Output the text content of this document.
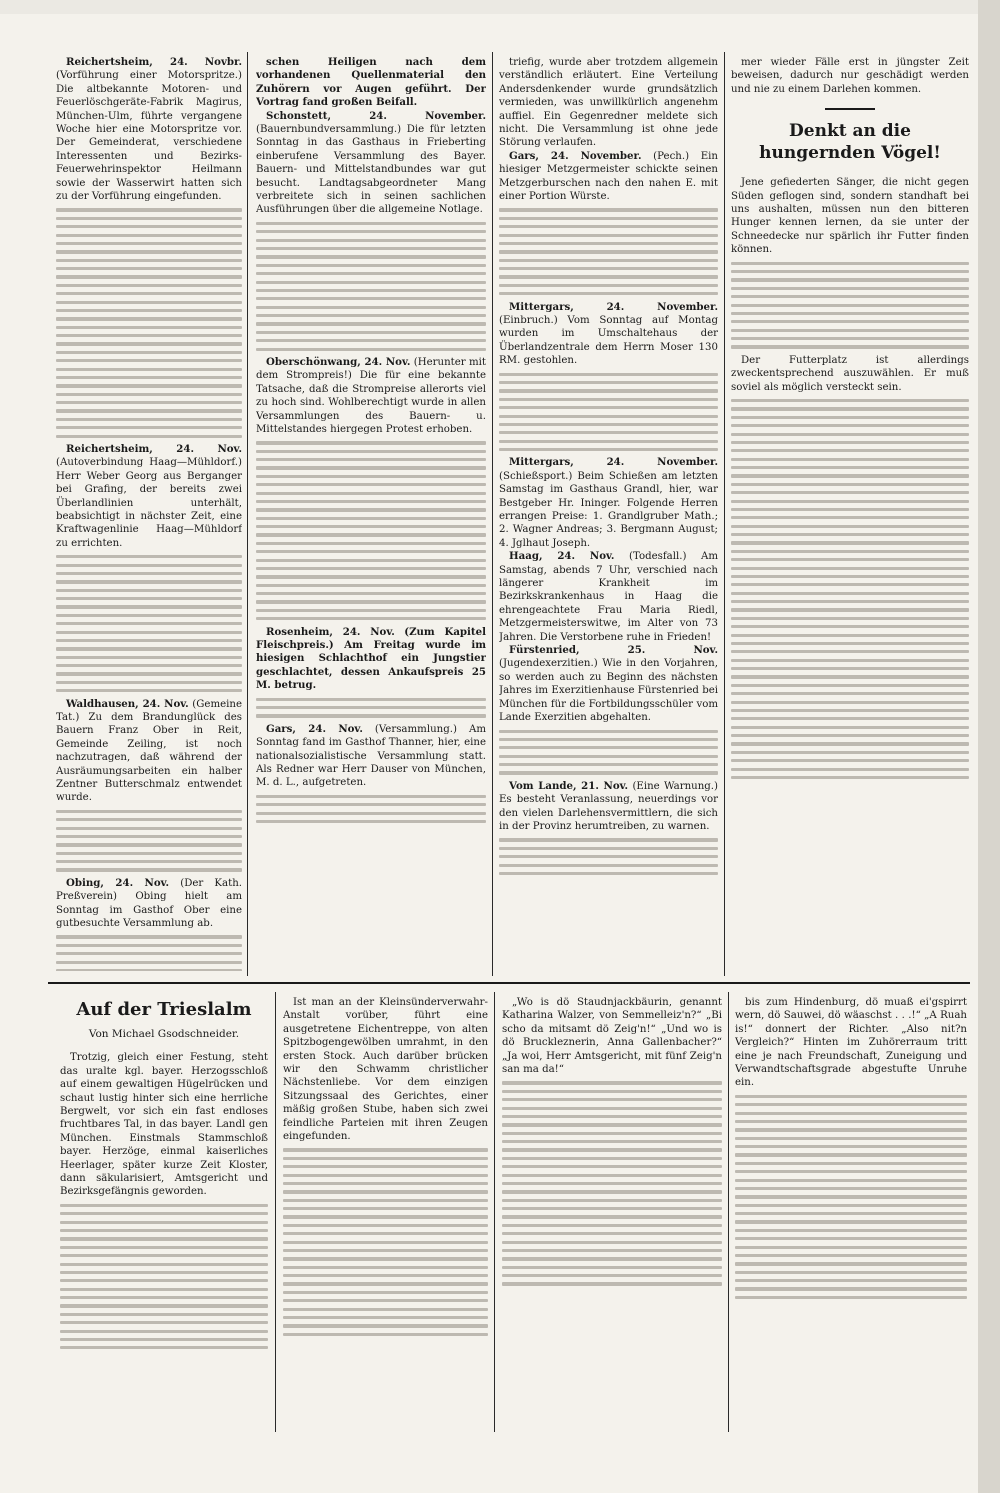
Reichertsheim, 24. Novbr. (Vorführung einer Motorspritze.) Die altbekannte Motoren- und Feuerlöschgeräte-Fabrik Magirus, München-Ulm, führte vergangene Woche hier eine Motorspritze vor. Der Gemeinderat, verschiedene Interessenten und Bezirks-Feuerwehrinspektor Heilmann sowie der Wasserwirt hatten sich zu der Vorführung eingefunden.

Reichertsheim, 24. Nov. (Autoverbindung Haag—Mühldorf.) Herr Weber Georg aus Berganger bei Grafing, der bereits zwei Überlandlinien unterhält, beabsichtigt in nächster Zeit, eine Kraftwagenlinie Haag—Mühldorf zu errichten.

Waldhausen, 24. Nov. (Gemeine Tat.) Zu dem Brandunglück des Bauern Franz Ober in Reit, Gemeinde Zeiling, ist noch nachzutragen, daß während der Ausräumungsarbeiten ein halber Zentner Butterschmalz entwendet wurde.

Obing, 24. Nov. (Der Kath. Preßverein) Obing hielt am Sonntag im Gasthof Ober eine gutbesuchte Versammlung ab.

schen Heiligen nach dem vorhandenen Quellenmaterial den Zuhörern vor Augen geführt. Der Vortrag fand großen Beifall.

Schonstett, 24. November. (Bauernbundversammlung.) Die für letzten Sonntag in das Gasthaus in Frieberting einberufene Versammlung des Bayer. Bauern- und Mittelstandbundes war gut besucht. Landtagsabgeordneter Mang verbreitete sich in seinen sachlichen Ausführungen über die allgemeine Notlage.

Oberschönwang, 24. Nov. (Herunter mit dem Strompreis!) Die für eine bekannte Tatsache, daß die Strompreise allerorts viel zu hoch sind. Wohlberechtigt wurde in allen Versammlungen des Bauern- u. Mittelstandes hiergegen Protest erhoben.

Rosenheim, 24. Nov. (Zum Kapitel Fleischpreis.) Am Freitag wurde im hiesigen Schlachthof ein Jungstier geschlachtet, dessen Ankaufspreis 25 M. betrug.

Gars, 24. Nov. (Versammlung.) Am Sonntag fand im Gasthof Thanner, hier, eine nationalsozialistische Versammlung statt. Als Redner war Herr Dauser von München, M. d. L., aufgetreten.

triefig, wurde aber trotzdem allgemein verständlich erläutert. Eine Verteilung Andersdenkender wurde grundsätzlich vermieden, was unwillkürlich angenehm auffiel. Ein Gegenredner meldete sich nicht. Die Versammlung ist ohne jede Störung verlaufen.

Gars, 24. November. (Pech.) Ein hiesiger Metzgermeister schickte seinen Metzgerburschen nach den nahen E. mit einer Portion Würste.

Mittergars, 24. November. (Einbruch.) Vom Sonntag auf Montag wurden im Umschaltehaus der Überlandzentrale dem Herrn Moser 130 RM. gestohlen.

Mittergars, 24. November. (Schießsport.) Beim Schießen am letzten Samstag im Gasthaus Grandl, hier, war Bestgeber Hr. Ininger. Folgende Herren errangen Preise: 1. Grandlgruber Math.; 2. Wagner Andreas; 3. Bergmann August; 4. Jglhaut Joseph.

Haag, 24. Nov. (Todesfall.) Am Samstag, abends 7 Uhr, verschied nach längerer Krankheit im Bezirkskrankenhaus in Haag die ehrengeachtete Frau Maria Riedl, Metzgermeisterswitwe, im Alter von 73 Jahren. Die Verstorbene ruhe in Frieden!

Fürstenried, 25. Nov. (Jugendexerzitien.) Wie in den Vorjahren, so werden auch zu Beginn des nächsten Jahres im Exerzitienhause Fürstenried bei München für die Fortbildungsschüler vom Lande Exerzitien abgehalten.

Vom Lande, 21. Nov. (Eine Warnung.) Es besteht Veranlassung, neuerdings vor den vielen Darlehensvermittlern, die sich in der Provinz herumtreiben, zu warnen.

mer wieder Fälle erst in jüngster Zeit beweisen, dadurch nur geschädigt werden und nie zu einem Darlehen kommen.

Denkt an die hungernden Vögel!

Jene gefiederten Sänger, die nicht gegen Süden geflogen sind, sondern standhaft bei uns aushalten, müssen nun den bitteren Hunger kennen lernen, da sie unter der Schneedecke nur spärlich ihr Futter finden können.

Der Futterplatz ist allerdings zweckentsprechend auszuwählen. Er muß soviel als möglich versteckt sein.

Auf der Trieslalm
Von Michael Gsodschneider.

Trotzig, gleich einer Festung, steht das uralte kgl. bayer. Herzogsschloß auf einem gewaltigen Hügelrücken und schaut lustig hinter sich eine herrliche Bergwelt, vor sich ein fast endloses fruchtbares Tal, in das bayer. Landl gen München. Einstmals Stammschloß bayer. Herzöge, einmal kaiserliches Heerlager, später kurze Zeit Kloster, dann säkularisiert, Amtsgericht und Bezirksgefängnis geworden.

Ist man an der Kleinsünderverwahr-Anstalt vorüber, führt eine ausgetretene Eichentreppe, von alten Spitzbogengewölben umrahmt, in den ersten Stock. Auch darüber brücken wir den Schwamm christlicher Nächstenliebe. Vor dem einzigen Sitzungssaal des Gerichtes, einer mäßig großen Stube, haben sich zwei feindliche Parteien mit ihren Zeugen eingefunden.

„Wo is dö Staudnjackbäurin, genannt Katharina Walzer, von Semmelleiz'n?“ „Bi scho da mitsamt dö Zeig'n!“ „Und wo is dö Bruckleznerin, Anna Gallenbacher?“ „Ja woi, Herr Amtsgericht, mit fünf Zeig'n san ma da!“

bis zum Hindenburg, dö muaß ei'gspirrt wern, dö Sauwei, dö wäaschst . . .!“ „A Ruah is!“ donnert der Richter. „Also nit?n Vergleich?“ Hinten im Zuhörerraum tritt eine je nach Freundschaft, Zuneigung und Verwandtschaftsgrade abgestufte Unruhe ein.
